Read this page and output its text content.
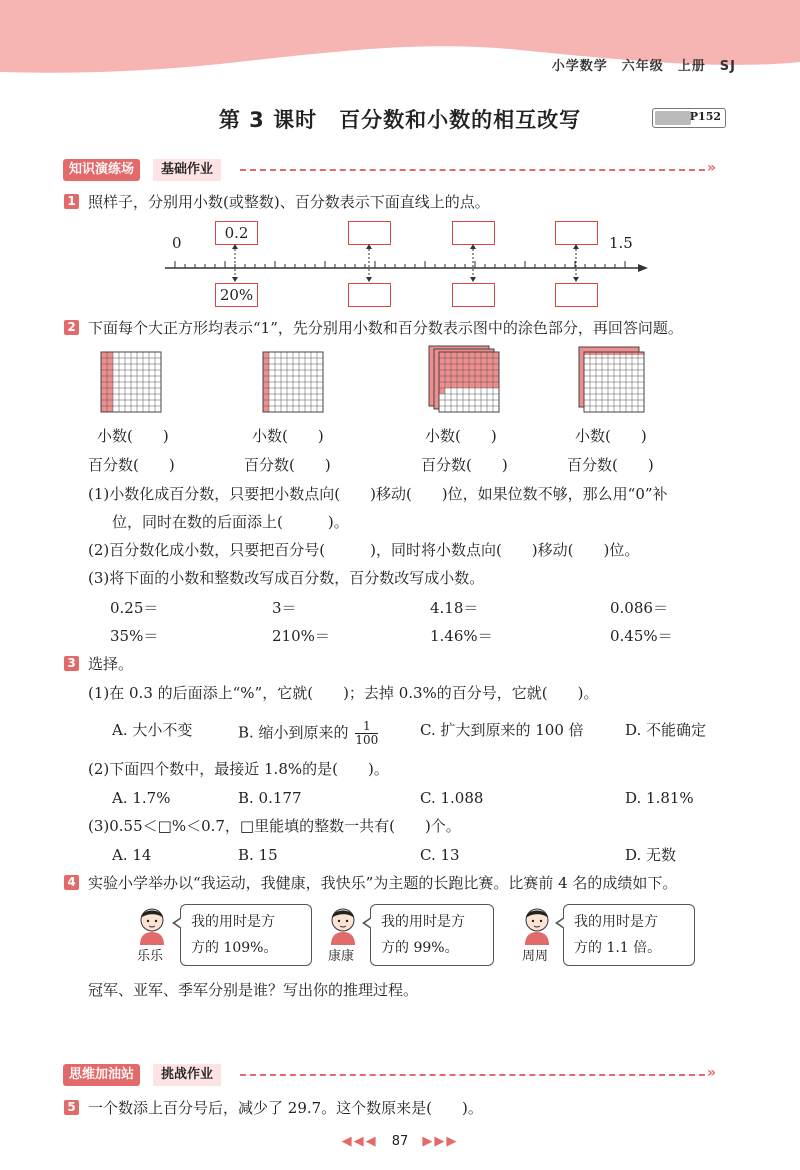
小学数学　六年级　上册　SJ
第 3 课时　百分数和小数的相互改写	P152
知识演练场	基础作业	»
1 照样子，分别用小数(或整数)、百分数表示下面直线上的点。
0	1.5
0.2
20%
2 下面每个大正方形均表示“1”，先分别用小数和百分数表示图中的涂色部分，再回答问题。
小数(　　)	小数(　　)	小数(　　)	小数(　　)
百分数(　　)	百分数(　　)	百分数(　　)	百分数(　　)
(1)小数化成百分数，只要把小数点向(　　)移动(　　)位，如果位数不够，那么用“0”补
位，同时在数的后面添上(　　　)。
(2)百分数化成小数，只要把百分号(　　　)，同时将小数点向(　　)移动(　　)位。
(3)将下面的小数和整数改写成百分数，百分数改写成小数。
0.25＝	3＝	4.18＝	0.086＝
35%＝	210%＝	1.46%＝	0.45%＝
3 选择。
(1)在 0.3 的后面添上“%”，它就(　　)；去掉 0.3%的百分号，它就(　　)。
A. 大小不变	B. 缩小到原来的 $\frac{1}{100}$	C. 扩大到原来的 100 倍	D. 不能确定
(2)下面四个数中，最接近 1.8%的是(　　)。
A. 1.7%	B. 0.177	C. 1.088	D. 1.81%
(3)0.55＜□%＜0.7，□里能填的整数一共有(　　)个。
A. 14	B. 15	C. 13	D. 无数
4 实验小学举办以“我运动，我健康，我快乐”为主题的长跑比赛。比赛前 4 名的成绩如下。
乐乐
我的用时是方
方的 109%。
康康
我的用时是方
方的 99%。
周周
我的用时是方
方的 1.1 倍。
冠军、亚军、季军分别是谁？写出你的推理过程。
思维加油站	挑战作业	»
5 一个数添上百分号后，减少了 29.7。这个数原来是(　　)。
◀◀◀ 87 ▶▶▶
